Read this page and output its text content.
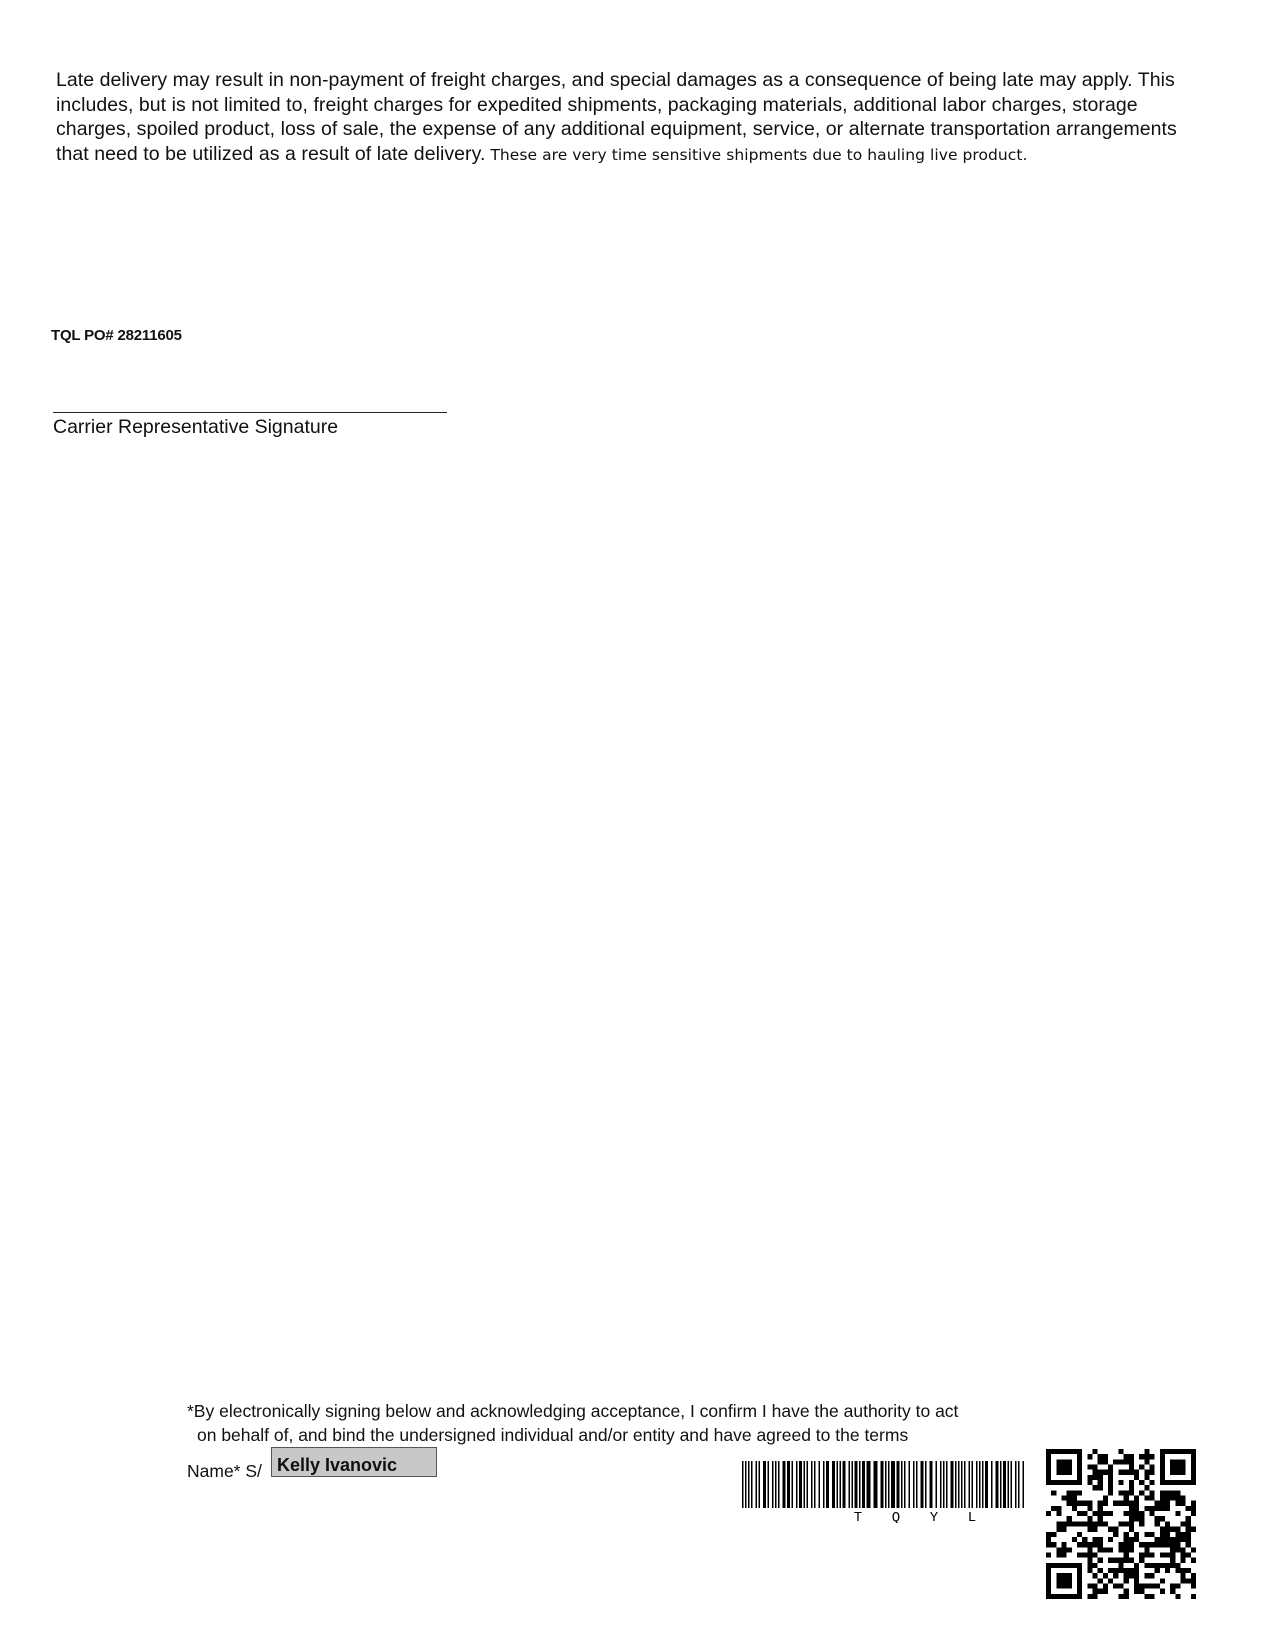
Late delivery may result in non-payment of freight charges, and special damages as a consequence of being late may apply. This includes, but is not limited to, freight charges for expedited shipments, packaging materials, additional labor charges, storage charges, spoiled product, loss of sale, the expense of any additional equipment, service, or alternate transportation arrangements that need to be utilized as a result of late delivery. These are very time sensitive shipments due to hauling live product.
TQL PO# 28211605
Carrier Representative Signature
*By electronically signing below and acknowledging acceptance, I confirm I have the authority to act
on behalf of, and bind the undersigned individual and/or entity and have agreed to the terms
Name* S/ Kelly Ivanovic
T Q Y L
